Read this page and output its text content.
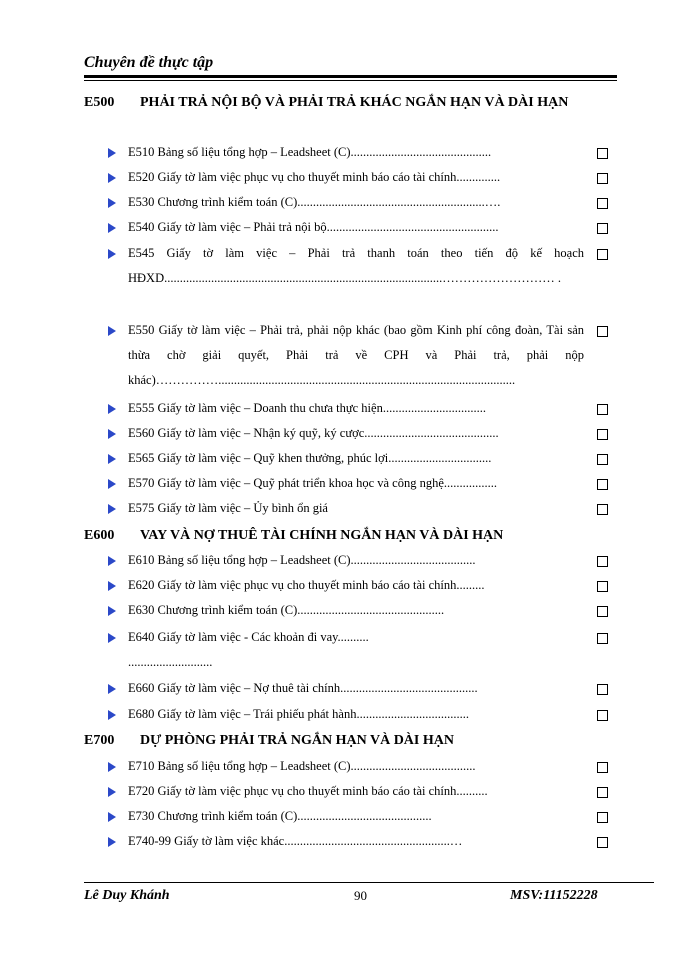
Chuyên đề thực tập
E500 PHẢI TRẢ NỘI BỘ VÀ PHẢI TRẢ KHÁC NGẮN HẠN VÀ DÀI HẠN
E510 Bảng số liệu tổng hợp – Leadsheet (C).............................................
E520 Giấy tờ làm việc phục vụ cho thuyết minh báo cáo tài chính..............
E530 Chương trình kiểm toán (C)............................................................….
E540 Giấy tờ làm việc – Phải trả nội bộ.......................................................
E545 Giấy tờ làm việc – Phải trả thanh toán theo tiến độ kế hoạch HĐXD.........................................................................................……………………… .
E550 Giấy tờ làm việc – Phải trả, phải nộp khác (bao gồm Kinh phí công đoàn, Tài sản thừa chờ giải quyết, Phải trả về CPH và Phải trả, phải nộp khác)……………...............................................................................................
E555 Giấy tờ làm việc – Doanh thu chưa thực hiện.................................
E560 Giấy tờ làm việc – Nhận ký quỹ, ký cược...........................................
E565 Giấy tờ làm việc – Quỹ khen thưởng, phúc lợi.................................
E570 Giấy tờ làm việc – Quỹ phát triển khoa học và công nghệ.................
E575 Giấy tờ làm việc – Ủy bình ổn giá
E600 VAY VÀ NỢ THUÊ TÀI CHÍNH NGẮN HẠN VÀ DÀI HẠN
E610 Bảng số liệu tổng hợp – Leadsheet (C)........................................
E620 Giấy tờ làm việc phục vụ cho thuyết minh báo cáo tài chính.........
E630 Chương trình kiểm toán (C)...............................................
E640 Giấy tờ làm việc - Các khoản đi vay..........
...........................
E660 Giấy tờ làm việc – Nợ thuê tài chính............................................
E680 Giấy tờ làm việc – Trái phiếu phát hành....................................
E700 DỰ PHÒNG PHẢI TRẢ NGẮN HẠN VÀ DÀI HẠN
E710 Bảng số liệu tổng hợp – Leadsheet (C)........................................
E720 Giấy tờ làm việc phục vụ cho thuyết minh báo cáo tài chính..........
E730 Chương trình kiểm toán (C)...........................................
E740-99 Giấy tờ làm việc khác.....................................................…
Lê Duy Khánh	90	MSV:11152228
